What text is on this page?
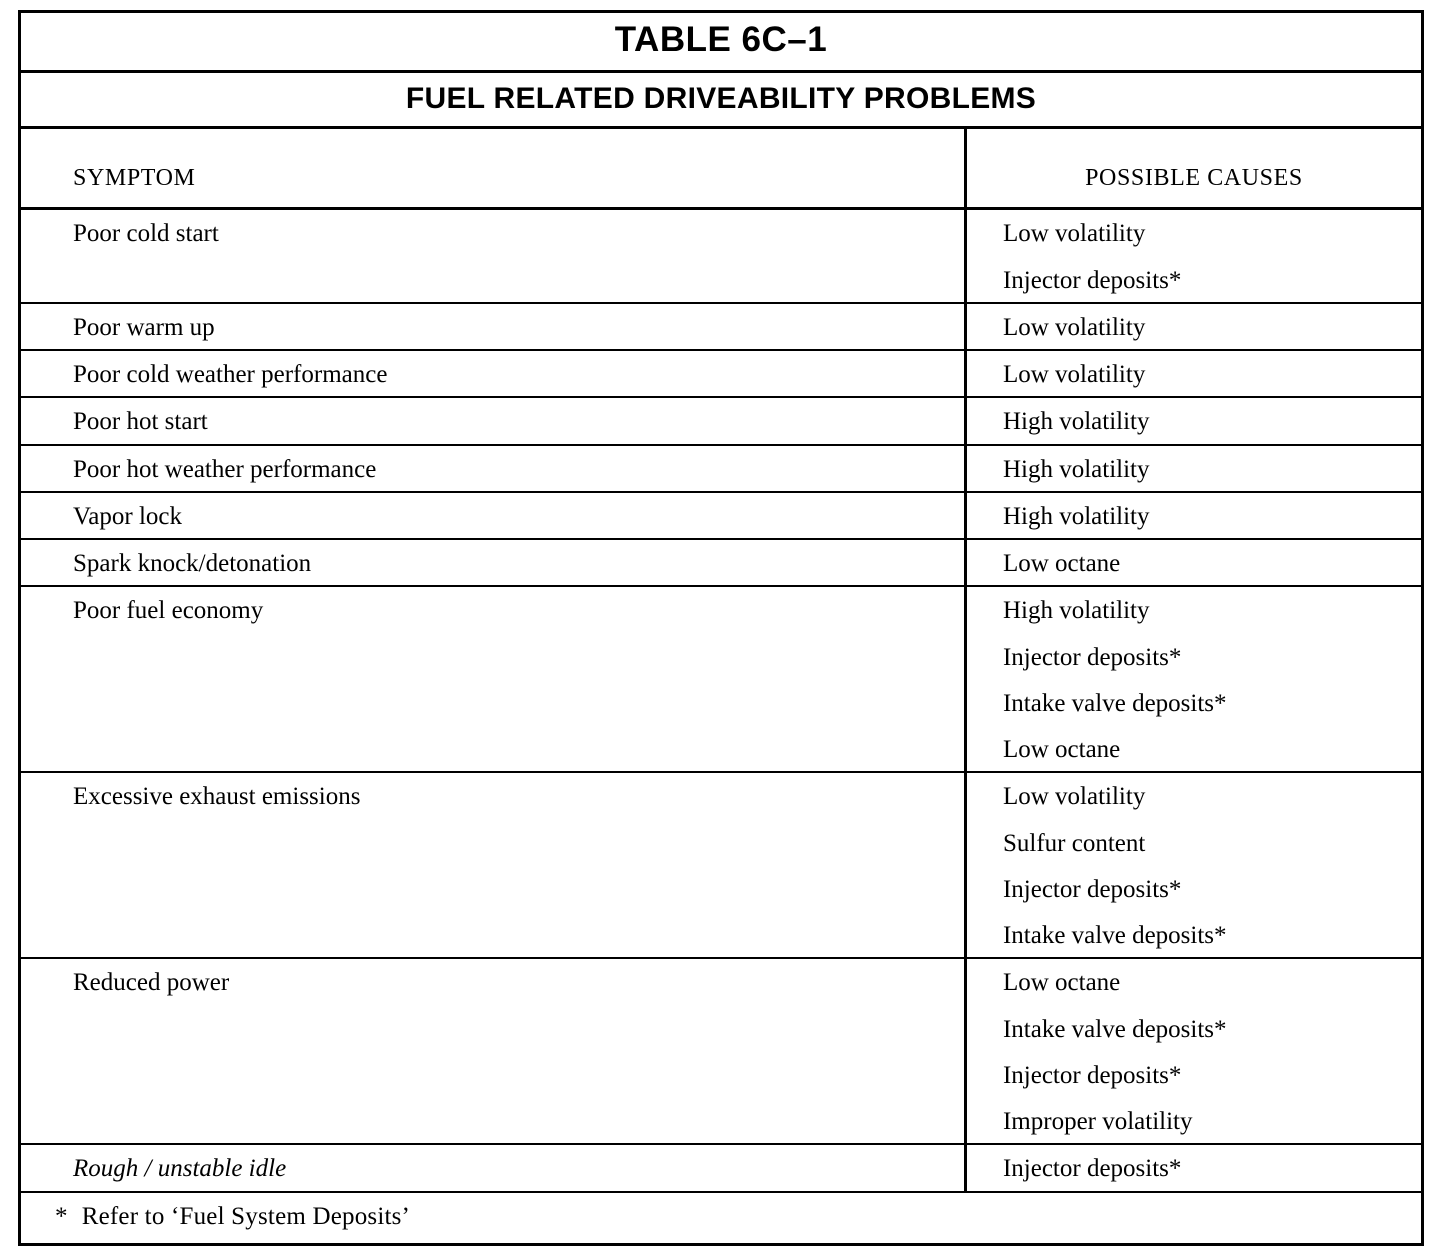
TABLE 6C–1
FUEL RELATED DRIVEABILITY PROBLEMS
SYMPTOM	POSSIBLE CAUSES

Poor cold start	Low volatility
Injector deposits*

Poor warm up	Low volatility

Poor cold weather performance	Low volatility

Poor hot start	High volatility

Poor hot weather performance	High volatility

Vapor lock	High volatility

Spark knock/detonation	Low octane

Poor fuel economy	High volatility
Injector deposits*
Intake valve deposits*
Low octane

Excessive exhaust emissions	Low volatility
Sulfur content
Injector deposits*
Intake valve deposits*

Reduced power	Low octane
Intake valve deposits*
Injector deposits*
Improper volatility

Rough / unstable idle	Injector deposits*

* Refer to ‘Fuel System Deposits’	
